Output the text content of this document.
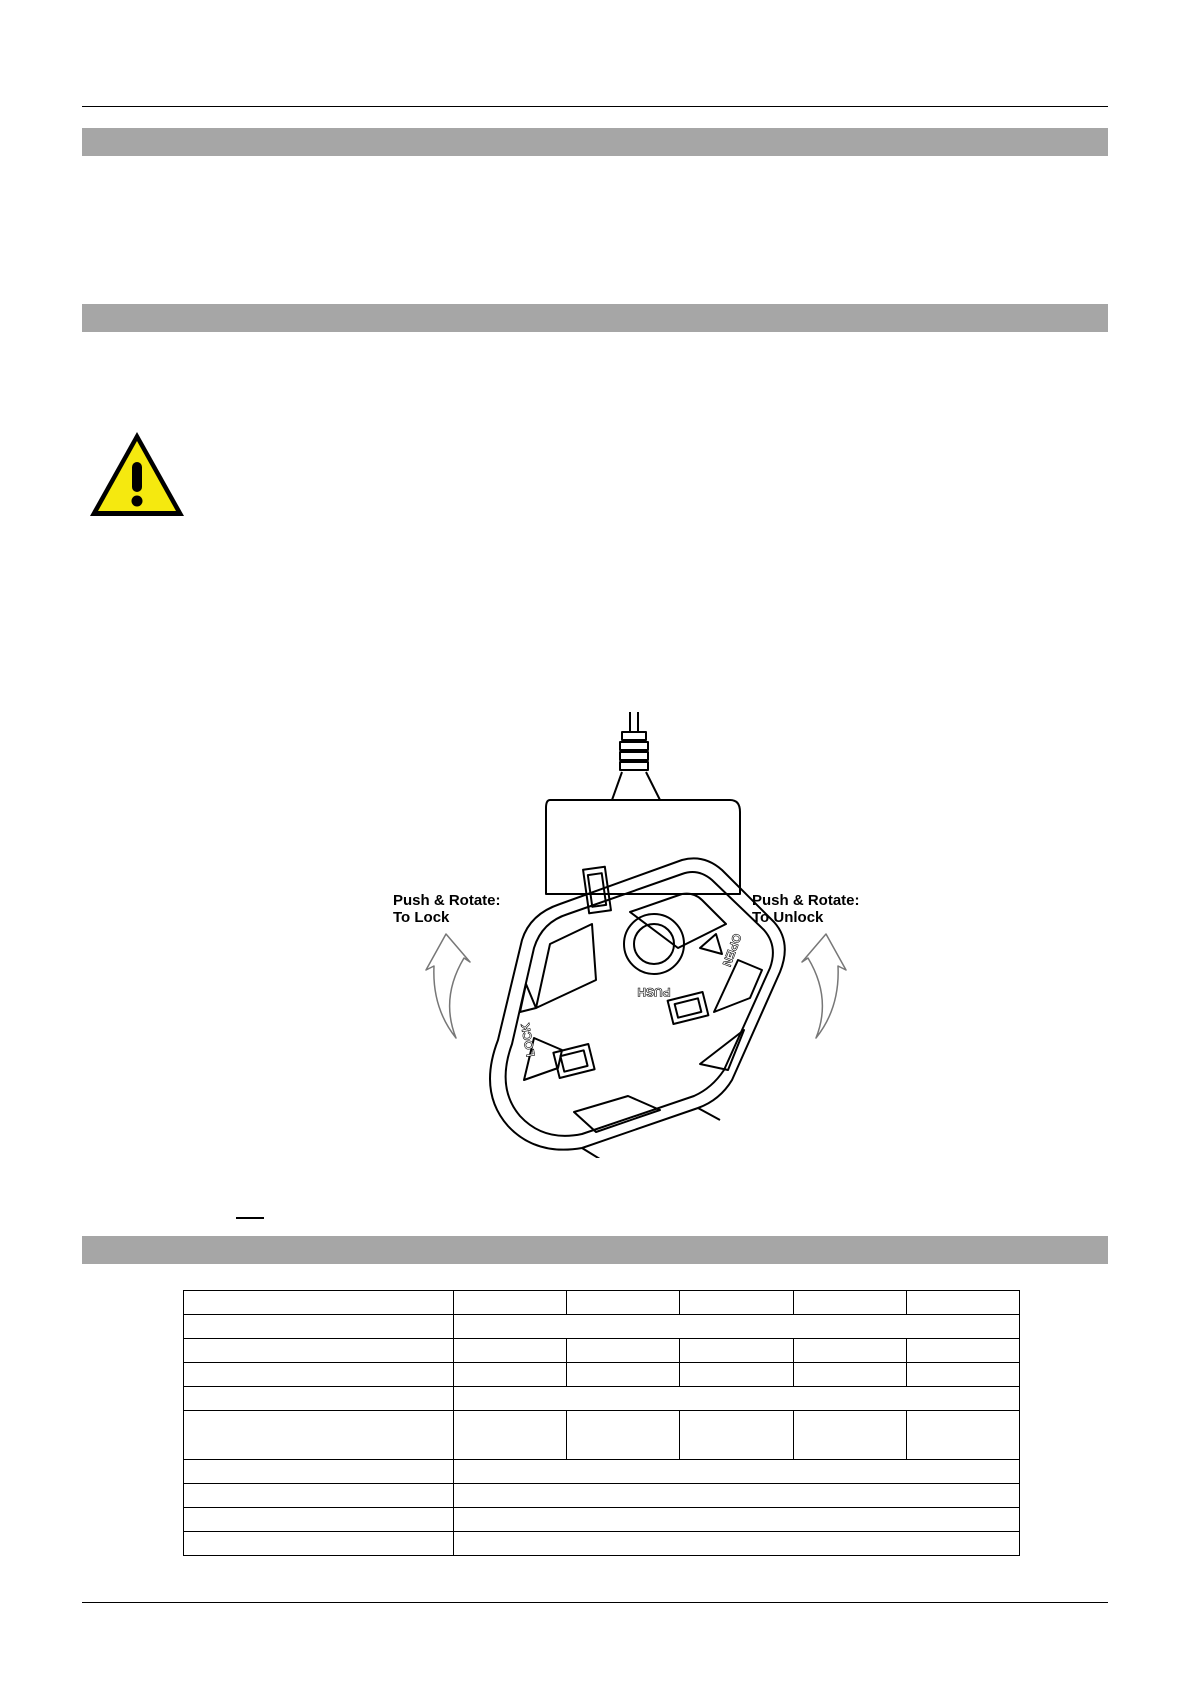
PUSH
OPEN
LOCK
Push & Rotate:
To Lock
Push & Rotate:
To Unlock
